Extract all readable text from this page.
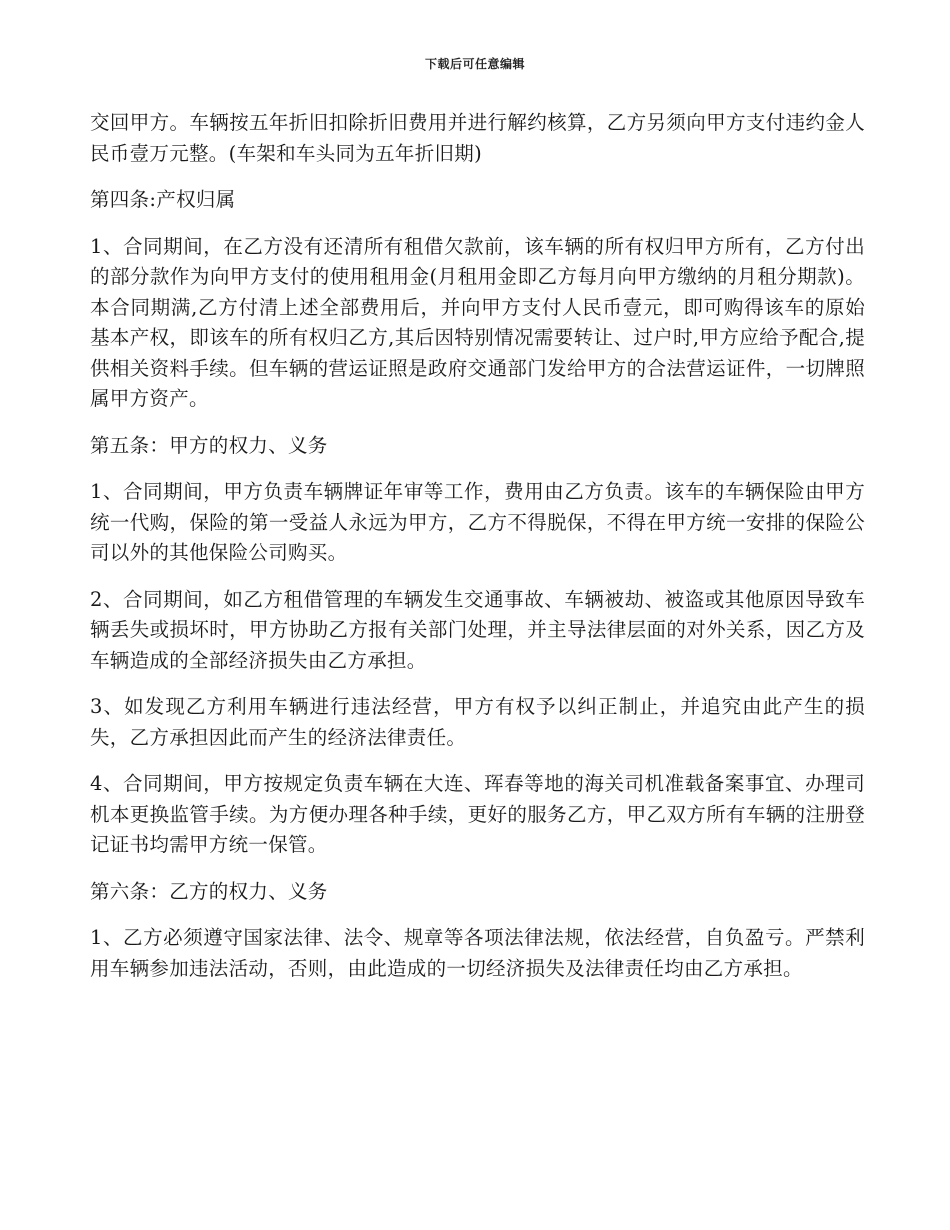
下载后可任意编辑

交回甲方。车辆按五年折旧扣除折旧费用并进行解约核算，乙方另须向甲方支付违约金人民币壹万元整。(车架和车头同为五年折旧期)

第四条:产权归属

1、合同期间，在乙方没有还清所有租借欠款前，该车辆的所有权归甲方所有，乙方付出的部分款作为向甲方支付的使用租用金(月租用金即乙方每月向甲方缴纳的月租分期款)。本合同期满,乙方付清上述全部费用后，并向甲方支付人民币壹元，即可购得该车的原始基本产权，即该车的所有权归乙方,其后因特别情况需要转让、过户时,甲方应给予配合,提供相关资料手续。但车辆的营运证照是政府交通部门发给甲方的合法营运证件，一切牌照属甲方资产。

第五条：甲方的权力、义务

1、合同期间，甲方负责车辆牌证年审等工作，费用由乙方负责。该车的车辆保险由甲方统一代购，保险的第一受益人永远为甲方，乙方不得脱保，不得在甲方统一安排的保险公司以外的其他保险公司购买。

2、合同期间，如乙方租借管理的车辆发生交通事故、车辆被劫、被盗或其他原因导致车辆丢失或损坏时，甲方协助乙方报有关部门处理，并主导法律层面的对外关系，因乙方及车辆造成的全部经济损失由乙方承担。

3、如发现乙方利用车辆进行违法经营，甲方有权予以纠正制止，并追究由此产生的损失，乙方承担因此而产生的经济法律责任。

4、合同期间，甲方按规定负责车辆在大连、珲春等地的海关司机准载备案事宜、办理司机本更换监管手续。为方便办理各种手续，更好的服务乙方，甲乙双方所有车辆的注册登记证书均需甲方统一保管。

第六条：乙方的权力、义务

1、乙方必须遵守国家法律、法令、规章等各项法律法规，依法经营，自负盈亏。严禁利用车辆参加违法活动，否则，由此造成的一切经济损失及法律责任均由乙方承担。
